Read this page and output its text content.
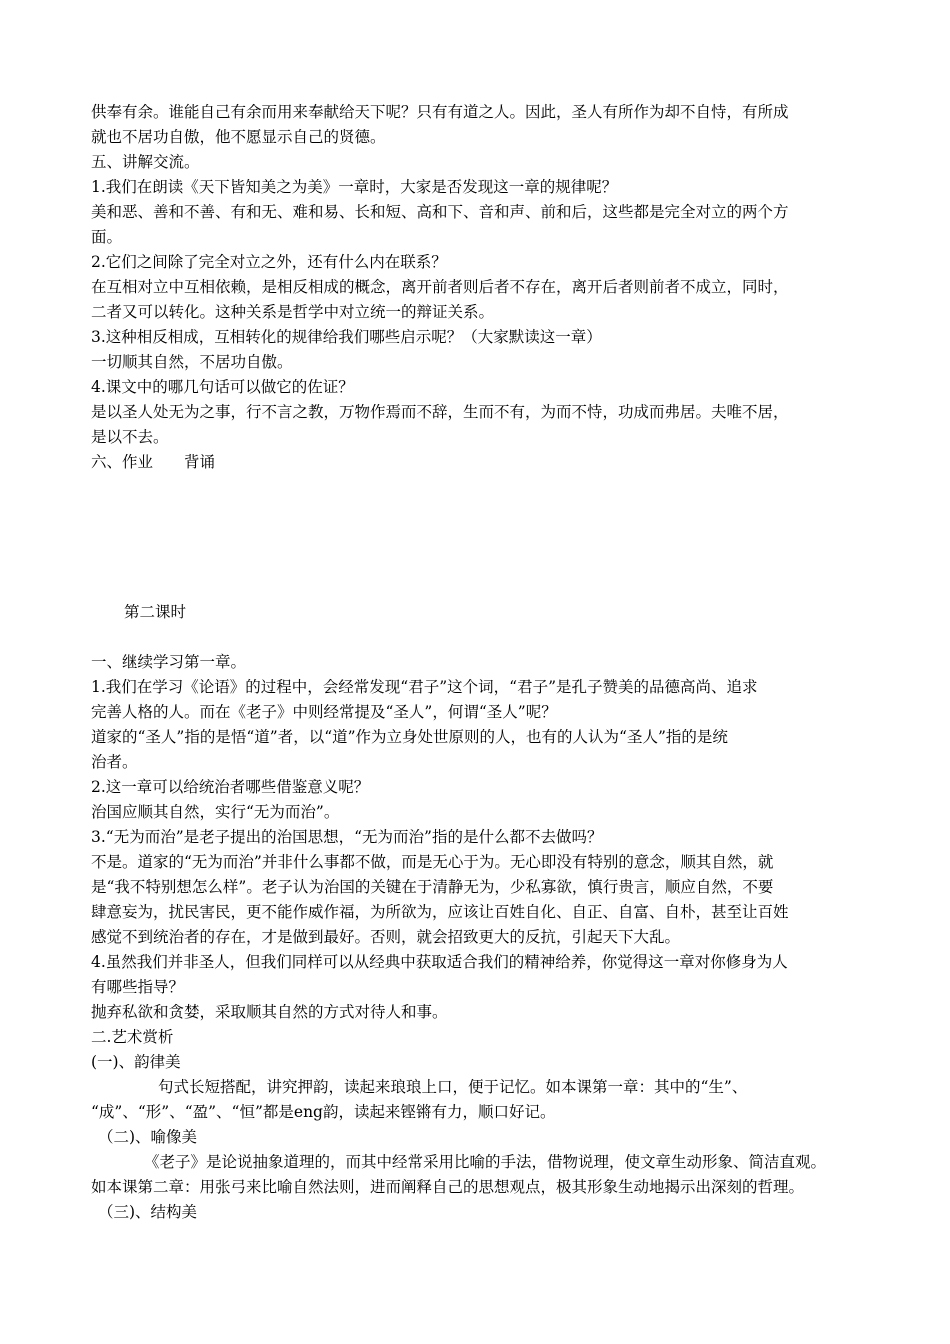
供奉有余。谁能自己有余而用来奉献给天下呢？只有有道之人。因此，圣人有所作为却不自恃，有所成
就也不居功自傲，他不愿显示自己的贤德。
五、讲解交流。
1.我们在朗读《天下皆知美之为美》一章时，大家是否发现这一章的规律呢？
美和恶、善和不善、有和无、难和易、长和短、高和下、音和声、前和后，这些都是完全对立的两个方
面。
2.它们之间除了完全对立之外，还有什么内在联系？
在互相对立中互相依赖，是相反相成的概念，离开前者则后者不存在，离开后者则前者不成立，同时，
二者又可以转化。这种关系是哲学中对立统一的辩证关系。
3.这种相反相成，互相转化的规律给我们哪些启示呢？（大家默读这一章）
一切顺其自然，不居功自傲。
4.课文中的哪几句话可以做它的佐证？
是以圣人处无为之事，行不言之教，万物作焉而不辞，生而不有，为而不恃，功成而弗居。夫唯不居，
是以不去。
六、作业　　背诵
第二课时
一、继续学习第一章。
1.我们在学习《论语》的过程中，会经常发现“君子”这个词，“君子”是孔子赞美的品德高尚、追求
完善人格的人。而在《老子》中则经常提及“圣人”，何谓“圣人”呢？
道家的“圣人”指的是悟“道”者，以“道”作为立身处世原则的人，也有的人认为“圣人”指的是统
治者。
2.这一章可以给统治者哪些借鉴意义呢？
治国应顺其自然，实行“无为而治”。
3.“无为而治”是老子提出的治国思想，“无为而治”指的是什么都不去做吗？
不是。道家的“无为而治”并非什么事都不做，而是无心于为。无心即没有特别的意念，顺其自然，就
是“我不特别想怎么样”。老子认为治国的关键在于清静无为，少私寡欲，慎行贵言，顺应自然，不要
肆意妄为，扰民害民，更不能作威作福，为所欲为，应该让百姓自化、自正、自富、自朴，甚至让百姓
感觉不到统治者的存在，才是做到最好。否则，就会招致更大的反抗，引起天下大乱。
4.虽然我们并非圣人，但我们同样可以从经典中获取适合我们的精神给养，你觉得这一章对你修身为人
有哪些指导？
抛弃私欲和贪婪，采取顺其自然的方式对待人和事。
二.艺术赏析
(一)、韵律美
句式长短搭配，讲究押韵，读起来琅琅上口，便于记忆。如本课第一章：其中的“生”、
“成”、“形”、“盈”、“恒”都是eng韵，读起来铿锵有力，顺口好记。
（二)、喻像美
《老子》是论说抽象道理的，而其中经常采用比喻的手法，借物说理，使文章生动形象、简洁直观。
如本课第二章：用张弓来比喻自然法则，进而阐释自己的思想观点，极其形象生动地揭示出深刻的哲理。
（三)、结构美
